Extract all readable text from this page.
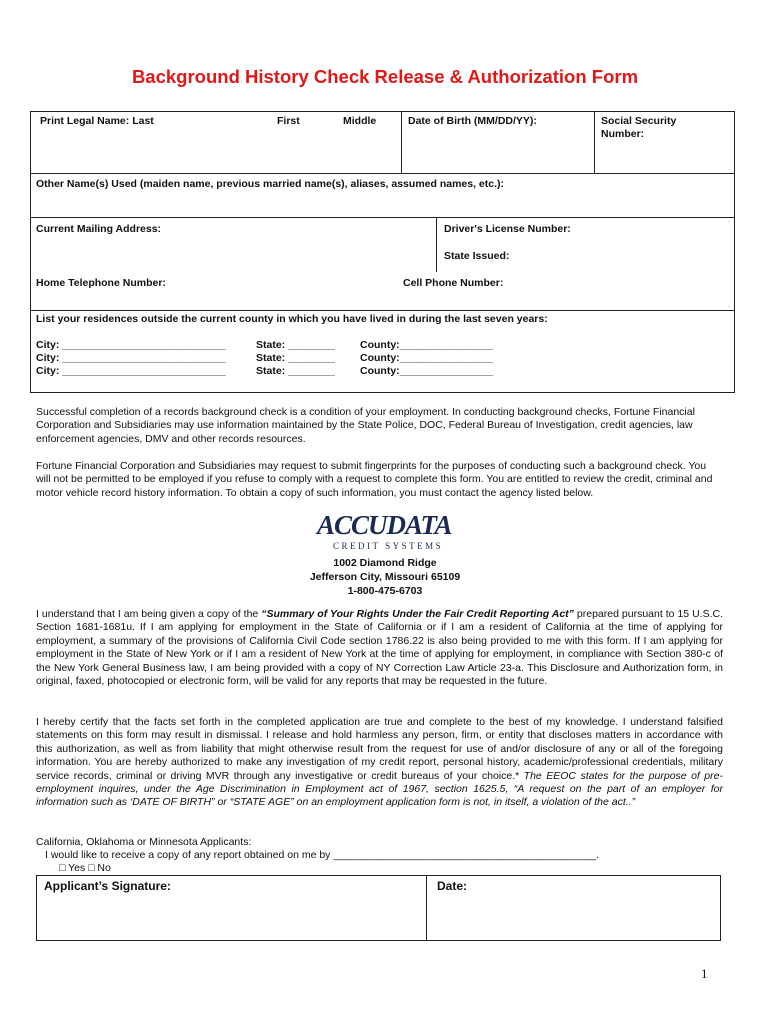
Background History Check Release & Authorization Form
Print Legal Name: Last	First	Middle	Date of Birth (MM/DD/YY):	Social Security
Number:
Other Name(s) Used (maiden name, previous married name(s), aliases, assumed names, etc.):
Current Mailing Address:	Driver's License Number:
State Issued:
Home Telephone Number:	Cell Phone Number:
List your residences outside the current county in which you have lived in during the last seven years:
City: ____________________________	State: ________ County:________________
City: ____________________________	State: ________ County:________________
City: ____________________________	State: ________ County:________________

Successful completion of a records background check is a condition of your employment. In conducting background checks, Fortune Financial Corporation and Subsidiaries may use information maintained by the State Police, DOC, Federal Bureau of Investigation, credit agencies, law enforcement agencies, DMV and other records resources.

Fortune Financial Corporation and Subsidiaries may request to submit fingerprints for the purposes of conducting such a background check. You will not be permitted to be employed if you refuse to comply with a request to complete this form. You are entitled to review the credit, criminal and motor vehicle record history information. To obtain a copy of such information, you must contact the agency listed below.

ACCUDATA
CREDIT SYSTEMS
1002 Diamond Ridge
Jefferson City, Missouri 65109
1-800-475-6703

I understand that I am being given a copy of the “Summary of Your Rights Under the Fair Credit Reporting Act” prepared pursuant to 15 U.S.C. Section 1681-1681u. If I am applying for employment in the State of California or if I am a resident of California at the time of applying for employment, a summary of the provisions of California Civil Code section 1786.22 is also being provided to me with this form. If I am applying for employment in the State of New York or if I am a resident of New York at the time of applying for employment, in compliance with Section 380-c of the New York General Business law, I am being provided with a copy of NY Correction Law Article 23-a. This Disclosure and Authorization form, in original, faxed, photocopied or electronic form, will be valid for any reports that may be requested in the future.

I hereby certify that the facts set forth in the completed application are true and complete to the best of my knowledge. I understand falsified statements on this form may result in dismissal. I release and hold harmless any person, firm, or entity that discloses matters in accordance with this authorization, as well as from liability that might otherwise result from the request for use of and/or disclosure of any or all of the foregoing information. You are hereby authorized to make any investigation of my credit report, personal history, academic/professional credentials, military service records, criminal or driving MVR through any investigative or credit bureaus of your choice.* The EEOC states for the purpose of pre-employment inquires, under the Age Discrimination in Employment act of 1967, section 1625.5, “A request on the part of an employer for information such as ‘DATE OF BIRTH” or “STATE AGE” on an employment application form is not, in itself, a violation of the act..”

California, Oklahoma or Minnesota Applicants:
I would like to receive a copy of any report obtained on me by _____________________________________________.
□ Yes □ No
Applicant’s Signature:	Date:
1
